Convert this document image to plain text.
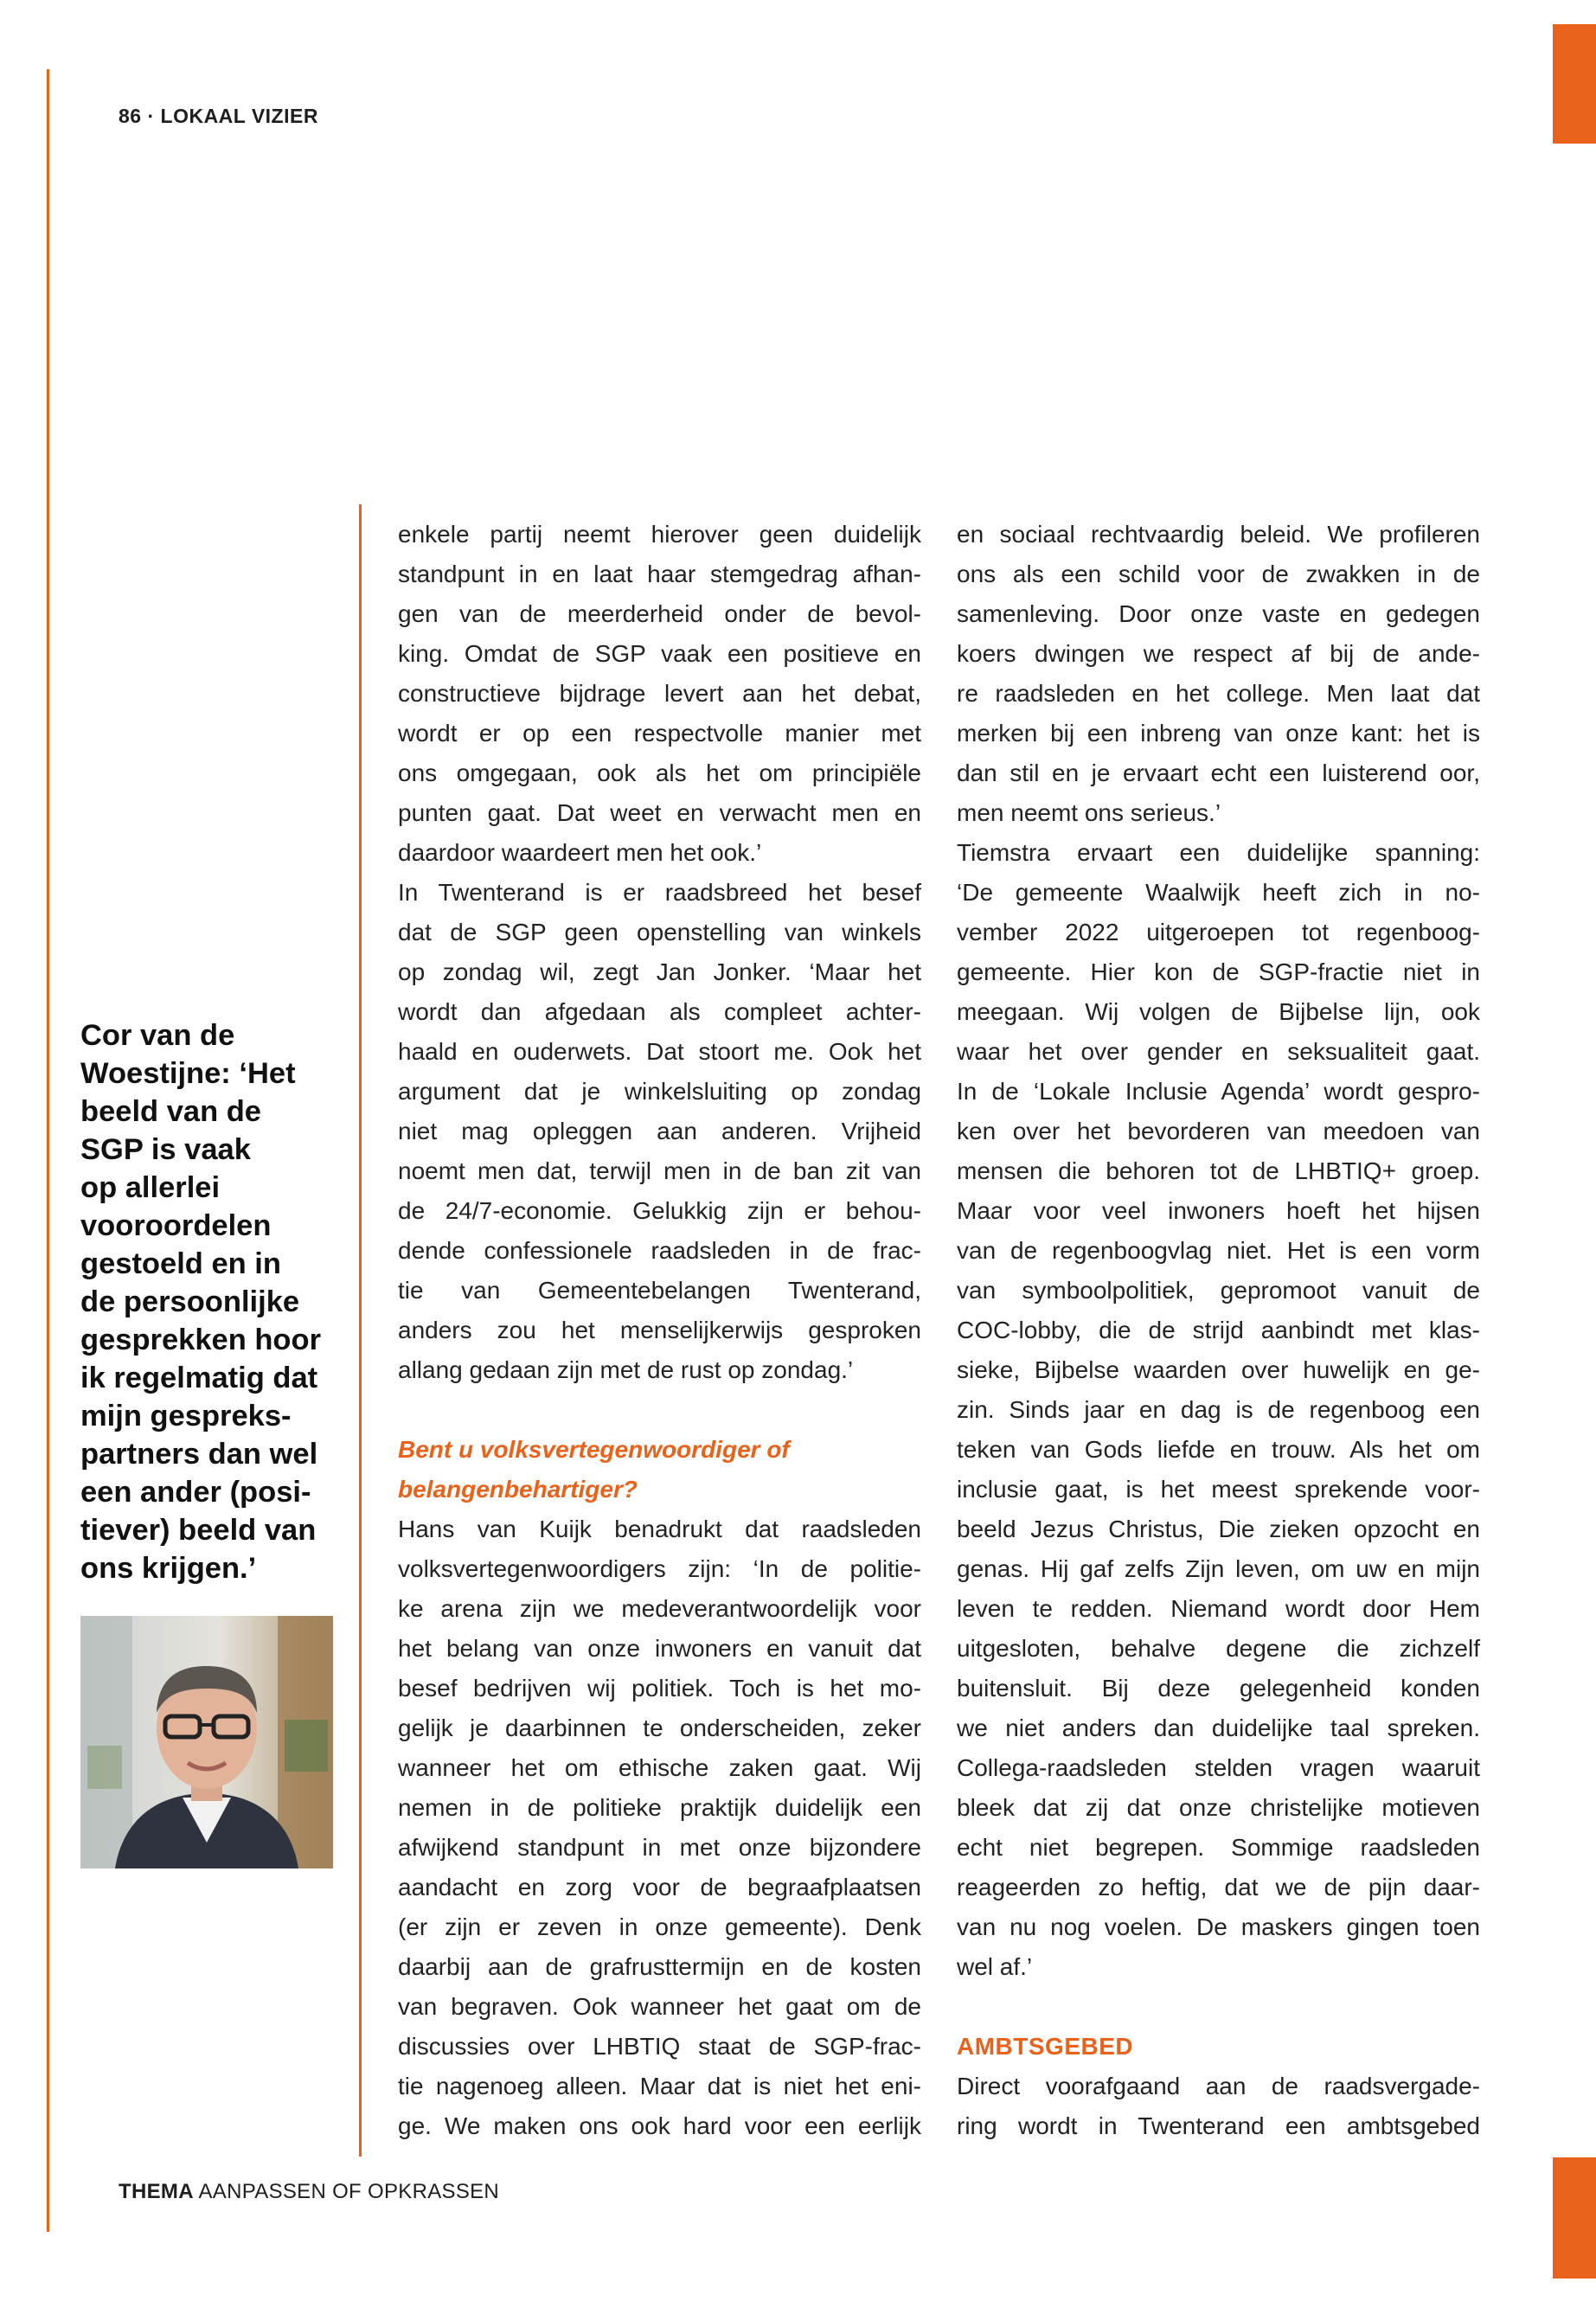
86 · LOKAAL VIZIER

Cor van de
Woestijne: ‘Het
beeld van de
SGP is vaak
op allerlei
vooroordelen
gestoeld en in
de persoonlijke
gesprekken hoor
ik regelmatig dat
mijn gespreks-
partners dan wel
een ander (posi-
tiever) beeld van
ons krijgen.’

enkele partij neemt hierover geen duidelijk
standpunt in en laat haar stemgedrag afhan-
gen van de meerderheid onder de bevol-
king. Omdat de SGP vaak een positieve en
constructieve bijdrage levert aan het debat,
wordt er op een respectvolle manier met
ons omgegaan, ook als het om principiële
punten gaat. Dat weet en verwacht men en
daardoor waardeert men het ook.’
In Twenterand is er raadsbreed het besef
dat de SGP geen openstelling van winkels
op zondag wil, zegt Jan Jonker. ‘Maar het
wordt dan afgedaan als compleet achter-
haald en ouderwets. Dat stoort me. Ook het
argument dat je winkelsluiting op zondag
niet mag opleggen aan anderen. Vrijheid
noemt men dat, terwijl men in de ban zit van
de 24/7-economie. Gelukkig zijn er behou-
dende confessionele raadsleden in de frac-
tie van Gemeentebelangen Twenterand,
anders zou het menselijkerwijs gesproken
allang gedaan zijn met de rust op zondag.’
Bent u volksvertegenwoordiger of
belangenbehartiger?
Hans van Kuijk benadrukt dat raadsleden
volksvertegenwoordigers zijn: ‘In de politie-
ke arena zijn we medeverantwoordelijk voor
het belang van onze inwoners en vanuit dat
besef bedrijven wij politiek. Toch is het mo-
gelijk je daarbinnen te onderscheiden, zeker
wanneer het om ethische zaken gaat. Wij
nemen in de politieke praktijk duidelijk een
afwijkend standpunt in met onze bijzondere
aandacht en zorg voor de begraafplaatsen
(er zijn er zeven in onze gemeente). Denk
daarbij aan de grafrusttermijn en de kosten
van begraven. Ook wanneer het gaat om de
discussies over LHBTIQ staat de SGP-frac-
tie nagenoeg alleen. Maar dat is niet het eni-
ge. We maken ons ook hard voor een eerlijk
en sociaal rechtvaardig beleid. We profileren
ons als een schild voor de zwakken in de
samenleving. Door onze vaste en gedegen
koers dwingen we respect af bij de ande-
re raadsleden en het college. Men laat dat
merken bij een inbreng van onze kant: het is
dan stil en je ervaart echt een luisterend oor,
men neemt ons serieus.’
Tiemstra ervaart een duidelijke spanning:
‘De gemeente Waalwijk heeft zich in no-
vember 2022 uitgeroepen tot regenboog-
gemeente. Hier kon de SGP-fractie niet in
meegaan. Wij volgen de Bijbelse lijn, ook
waar het over gender en seksualiteit gaat.
In de ‘Lokale Inclusie Agenda’ wordt gespro-
ken over het bevorderen van meedoen van
mensen die behoren tot de LHBTIQ+ groep.
Maar voor veel inwoners hoeft het hijsen
van de regenboogvlag niet. Het is een vorm
van symboolpolitiek, gepromoot vanuit de
COC-lobby, die de strijd aanbindt met klas-
sieke, Bijbelse waarden over huwelijk en ge-
zin. Sinds jaar en dag is de regenboog een
teken van Gods liefde en trouw. Als het om
inclusie gaat, is het meest sprekende voor-
beeld Jezus Christus, Die zieken opzocht en
genas. Hij gaf zelfs Zijn leven, om uw en mijn
leven te redden. Niemand wordt door Hem
uitgesloten, behalve degene die zichzelf
buitensluit. Bij deze gelegenheid konden
we niet anders dan duidelijke taal spreken.
Collega-raadsleden stelden vragen waaruit
bleek dat zij dat onze christelijke motieven
echt niet begrepen. Sommige raadsleden
reageerden zo heftig, dat we de pijn daar-
van nu nog voelen. De maskers gingen toen
wel af.’
AMBTSGEBED
Direct voorafgaand aan de raadsvergade-
ring wordt in Twenterand een ambtsgebed

THEMA AANPASSEN OF OPKRASSEN
